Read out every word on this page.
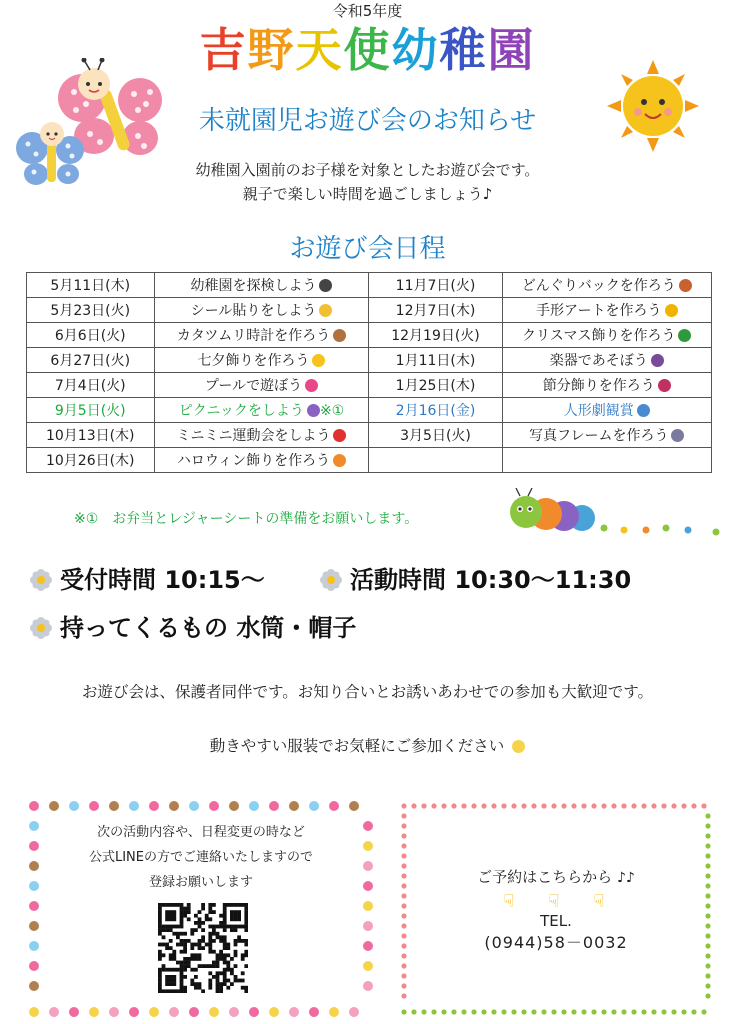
令和5年度
吉野天使幼稚園
未就園児お遊び会のお知らせ
幼稚園入園前のお子様を対象としたお遊び会です。
親子で楽しい時間を過ごしましょう♪
お遊び会日程
5月11日(木)	幼稚園を探検しよう	11月7日(火)	どんぐりバックを作ろう
5月23日(火)	シール貼りをしよう	12月7日(木)	手形アートを作ろう
6月6日(火)	カタツムリ時計を作ろう	12月19日(火)	クリスマス飾りを作ろう
6月27日(火)	七夕飾りを作ろう	1月11日(木)	楽器であそぼう
7月4日(火)	プールで遊ぼう	1月25日(木)	節分飾りを作ろう
9月5日(火)	ピクニックをしよう ※①	2月16日(金)	人形劇観賞
10月13日(木)	ミニミニ運動会をしよう	3月5日(火)	写真フレームを作ろう
10月26日(木)	ハロウィン飾りを作ろう		
※①　お弁当とレジャーシートの準備をお願いします。
受付時間 10:15～	活動時間 10:30～11:30
持ってくるもの 水筒・帽子
お遊び会は、保護者同伴です。お知り合いとお誘いあわせでの参加も大歓迎です。
動きやすい服装でお気軽にご参加ください
次の活動内容や、日程変更の時など
公式LINEの方でご連絡いたしますので
登録お願いします	ご予約はこちらから ♪♪
☟☟☟
TEL.
(0944)58－0032
